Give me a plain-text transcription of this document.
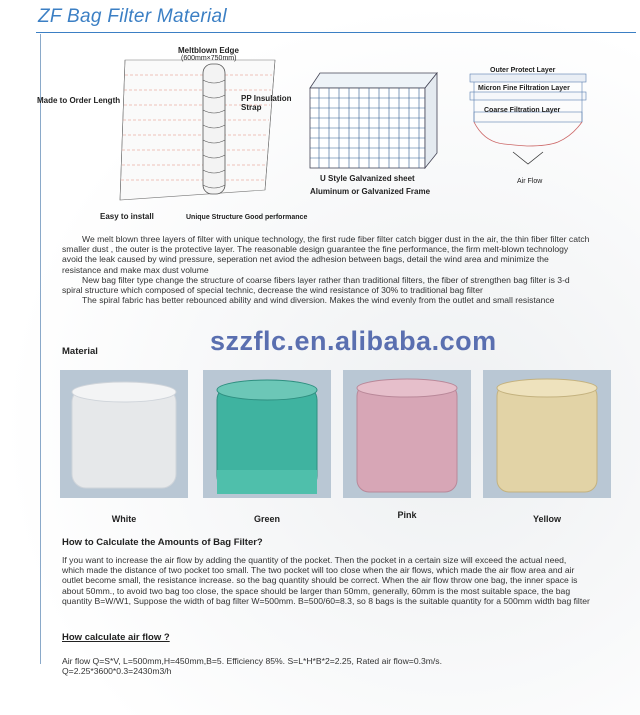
ZF Bag Filter Material
Meltblown Edge
(600mm×750mm)
Made to Order Length	PP Insulation Strap
Easy to install	Unique Structure Good performance
U Style Galvanized sheet
Aluminum or Galvanized Frame
Outer Protect Layer
Micron Fine Filtration Layer
Coarse Filtration Layer
Air Flow

We melt blown three layers of filter with unique technology, the first rude fiber filter catch bigger dust in the air, the thin fiber filter catch smaller dust , the outer is the protective layer. The reasonable design guarantee the fine performance, the firm melt-blown technology avoid the leak caused by wind pressure, seperation net aviod the adhesion between bags, detail the wind area and minimize the resistance and make max dust volume

New bag filter type change the structure of coarse fibers layer rather than traditional filters, the fiber of strengthen bag filter is 3-d spiral structure which composed of special technic, decrease the wind resistance of 30% to traditional bag filter

The spiral fabric has better rebounced ability and wind diversion. Makes the wind evenly from the outlet and small resistance

Material	szzflc.en.alibaba.com
White	Green	Pink	Yellow
How to Calculate the Amounts of Bag Filter?

If you want to increase the air flow by adding the quantity of the pocket. Then the pocket in a certain size will exceed the actual need, which made the distance of two pocket too small. The two pocket will too close when the air flows, which made the air flow area and air outlet become small, the resistance increase. so the bag quantity should be correct. When the air flow throw one bag, the inner space is about 50mm., to avoid two bag too close, the space should be larger than 50mm, generally, 60mm is the most suitable space, the bag quantity B=W/W1, Suppose the width of bag filter W=500mm. B=500/60=8.3, so 8 bags is the suitable quantity for a 500mm width bag filter

How calculate air flow ?

Air flow Q=S*V, L=500mm,H=450mm,B=5. Efficiency 85%. S=L*H*B*2=2.25, Rated air flow=0.3m/s.

Q=2.25*3600*0.3=2430m3/h
